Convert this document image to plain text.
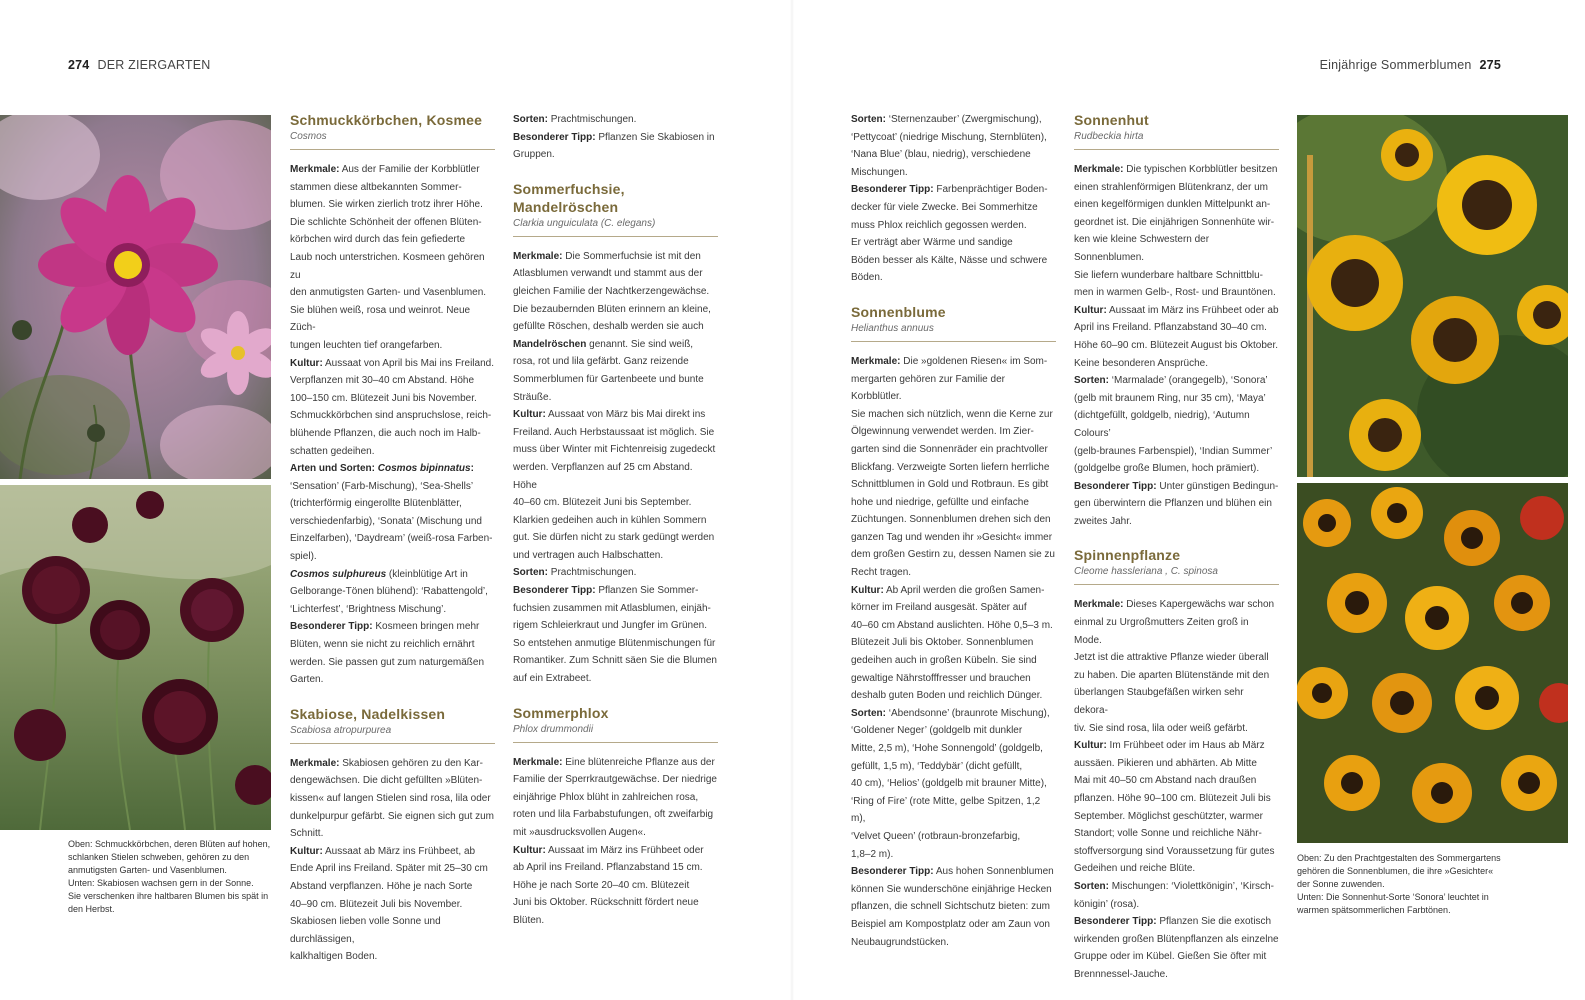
274 DER ZIERGARTEN	Einjährige Sommerblumen 275
Oben: Schmuckkörbchen, deren Blüten auf hohen,
schlanken Stielen schweben, gehören zu den
anmutigsten Garten- und Vasenblumen.
Unten: Skabiosen wachsen gern in der Sonne.
Sie verschenken ihre haltbaren Blumen bis spät in
den Herbst.
Oben: Zu den Prachtgestalten des Sommergartens
gehören die Sonnenblumen, die ihre »Gesichter«
der Sonne zuwenden.
Unten: Die Sonnenhut-Sorte ‘Sonora’ leuchtet in
warmen spätsommerlichen Farbtönen.
Schmuckkörbchen, Kosmee
Cosmos

Merkmale: Aus der Familie der Korbblütler
stammen diese altbekannten Sommer-
blumen. Sie wirken zierlich trotz ihrer Höhe.
Die schlichte Schönheit der offenen Blüten-
körbchen wird durch das fein gefiederte
Laub noch unterstrichen. Kosmeen gehören zu
den anmutigsten Garten- und Vasenblumen.
Sie blühen weiß, rosa und weinrot. Neue Züch-
tungen leuchten tief orangefarben.

Kultur: Aussaat von April bis Mai ins Freiland.
Verpflanzen mit 30–40 cm Abstand. Höhe
100–150 cm. Blütezeit Juni bis November.
Schmuckkörbchen sind anspruchslose, reich-
blühende Pflanzen, die auch noch im Halb-
schatten gedeihen.

Arten und Sorten: Cosmos bipinnatus:
‘Sensation’ (Farb-Mischung), ‘Sea-Shells’
(trichterförmig eingerollte Blütenblätter,
verschiedenfarbig), ‘Sonata’ (Mischung und
Einzelfarben), ‘Daydream’ (weiß-rosa Farben-
spiel).

Cosmos sulphureus (kleinblütige Art in
Gelborange-Tönen blühend): ‘Rabattengold’,
‘Lichterfest’, ‘Brightness Mischung’.

Besonderer Tipp: Kosmeen bringen mehr
Blüten, wenn sie nicht zu reichlich ernährt
werden. Sie passen gut zum naturgemäßen
Garten.

Skabiose, Nadelkissen
Scabiosa atropurpurea

Merkmale: Skabiosen gehören zu den Kar-
dengewächsen. Die dicht gefüllten »Blüten-
kissen« auf langen Stielen sind rosa, lila oder
dunkelpurpur gefärbt. Sie eignen sich gut zum
Schnitt.

Kultur: Aussaat ab März ins Frühbeet, ab
Ende April ins Freiland. Später mit 25–30 cm
Abstand verpflanzen. Höhe je nach Sorte
40–90 cm. Blütezeit Juli bis November.
Skabiosen lieben volle Sonne und durchlässigen,
kalkhaltigen Boden.

Sorten: Prachtmischungen.

Besonderer Tipp: Pflanzen Sie Skabiosen in
Gruppen.

Sommerfuchsie,
Mandelröschen
Clarkia unguiculata (C. elegans)

Merkmale: Die Sommerfuchsie ist mit den
Atlasblumen verwandt und stammt aus der
gleichen Familie der Nachtkerzengewächse.
Die bezaubernden Blüten erinnern an kleine,
gefüllte Röschen, deshalb werden sie auch
Mandelröschen genannt. Sie sind weiß,
rosa, rot und lila gefärbt. Ganz reizende
Sommerblumen für Gartenbeete und bunte
Sträuße.

Kultur: Aussaat von März bis Mai direkt ins
Freiland. Auch Herbstaussaat ist möglich. Sie
muss über Winter mit Fichtenreisig zugedeckt
werden. Verpflanzen auf 25 cm Abstand. Höhe
40–60 cm. Blütezeit Juni bis September.
Klarkien gedeihen auch in kühlen Sommern
gut. Sie dürfen nicht zu stark gedüngt werden
und vertragen auch Halbschatten.

Sorten: Prachtmischungen.

Besonderer Tipp: Pflanzen Sie Sommer-
fuchsien zusammen mit Atlasblumen, einjäh-
rigem Schleierkraut und Jungfer im Grünen.
So entstehen anmutige Blütenmischungen für
Romantiker. Zum Schnitt säen Sie die Blumen
auf ein Extrabeet.

Sommerphlox
Phlox drummondii

Merkmale: Eine blütenreiche Pflanze aus der
Familie der Sperrkrautgewächse. Der niedrige
einjährige Phlox blüht in zahlreichen rosa,
roten und lila Farbabstufungen, oft zweifarbig
mit »ausdrucksvollen Augen«.

Kultur: Aussaat im März ins Frühbeet oder
ab April ins Freiland. Pflanzabstand 15 cm.
Höhe je nach Sorte 20–40 cm. Blütezeit
Juni bis Oktober. Rückschnitt fördert neue
Blüten.

Sorten: ‘Sternenzauber’ (Zwergmischung),
‘Pettycoat’ (niedrige Mischung, Sternblüten),
‘Nana Blue’ (blau, niedrig), verschiedene
Mischungen.

Besonderer Tipp: Farbenprächtiger Boden-
decker für viele Zwecke. Bei Sommerhitze
muss Phlox reichlich gegossen werden.
Er verträgt aber Wärme und sandige
Böden besser als Kälte, Nässe und schwere
Böden.

Sonnenblume
Helianthus annuus

Merkmale: Die »goldenen Riesen« im Som-
mergarten gehören zur Familie der Korbblütler.
Sie machen sich nützlich, wenn die Kerne zur
Ölgewinnung verwendet werden. Im Zier-
garten sind die Sonnenräder ein prachtvoller
Blickfang. Verzweigte Sorten liefern herrliche
Schnittblumen in Gold und Rotbraun. Es gibt
hohe und niedrige, gefüllte und einfache
Züchtungen. Sonnenblumen drehen sich den
ganzen Tag und wenden ihr »Gesicht« immer
dem großen Gestirn zu, dessen Namen sie zu
Recht tragen.

Kultur: Ab April werden die großen Samen-
körner im Freiland ausgesät. Später auf
40–60 cm Abstand auslichten. Höhe 0,5–3 m.
Blütezeit Juli bis Oktober. Sonnenblumen
gedeihen auch in großen Kübeln. Sie sind
gewaltige Nährstofffresser und brauchen
deshalb guten Boden und reichlich Dünger.

Sorten: ‘Abendsonne’ (braunrote Mischung),
‘Goldener Neger’ (goldgelb mit dunkler
Mitte, 2,5 m), ‘Hohe Sonnengold’ (goldgelb,
gefüllt, 1,5 m), ‘Teddybär’ (dicht gefüllt,
40 cm), ‘Helios’ (goldgelb mit brauner Mitte),
‘Ring of Fire’ (rote Mitte, gelbe Spitzen, 1,2 m),
‘Velvet Queen’ (rotbraun-bronzefarbig,
1,8–2 m).

Besonderer Tipp: Aus hohen Sonnenblumen
können Sie wunderschöne einjährige Hecken
pflanzen, die schnell Sichtschutz bieten: zum
Beispiel am Kompostplatz oder am Zaun von
Neubaugrundstücken.

Sonnenhut
Rudbeckia hirta

Merkmale: Die typischen Korbblütler besitzen
einen strahlenförmigen Blütenkranz, der um
einen kegelförmigen dunklen Mittelpunkt an-
geordnet ist. Die einjährigen Sonnenhüte wir-
ken wie kleine Schwestern der Sonnenblumen.
Sie liefern wunderbare haltbare Schnittblu-
men in warmen Gelb-, Rost- und Brauntönen.

Kultur: Aussaat im März ins Frühbeet oder ab
April ins Freiland. Pflanzabstand 30–40 cm.
Höhe 60–90 cm. Blütezeit August bis Oktober.
Keine besonderen Ansprüche.

Sorten: ‘Marmalade’ (orangegelb), ‘Sonora’
(gelb mit braunem Ring, nur 35 cm), ‘Maya’
(dichtgefüllt, goldgelb, niedrig), ‘Autumn Colours’
(gelb-braunes Farbenspiel), ‘Indian Summer’
(goldgelbe große Blumen, hoch prämiert).

Besonderer Tipp: Unter günstigen Bedingun-
gen überwintern die Pflanzen und blühen ein
zweites Jahr.

Spinnenpflanze
Cleome hassleriana , C. spinosa

Merkmale: Dieses Kapergewächs war schon
einmal zu Urgroßmutters Zeiten groß in Mode.
Jetzt ist die attraktive Pflanze wieder überall
zu haben. Die aparten Blütenstände mit den
überlangen Staubgefäßen wirken sehr dekora-
tiv. Sie sind rosa, lila oder weiß gefärbt.

Kultur: Im Frühbeet oder im Haus ab März
aussäen. Pikieren und abhärten. Ab Mitte
Mai mit 40–50 cm Abstand nach draußen
pflanzen. Höhe 90–100 cm. Blütezeit Juli bis
September. Möglichst geschützter, warmer
Standort; volle Sonne und reichliche Nähr-
stoffversorgung sind Voraussetzung für gutes
Gedeihen und reiche Blüte.

Sorten: Mischungen: ‘Violettkönigin’, ‘Kirsch-
königin’ (rosa).

Besonderer Tipp: Pflanzen Sie die exotisch
wirkenden großen Blütenpflanzen als einzelne
Gruppe oder im Kübel. Gießen Sie öfter mit
Brennnessel-Jauche.
